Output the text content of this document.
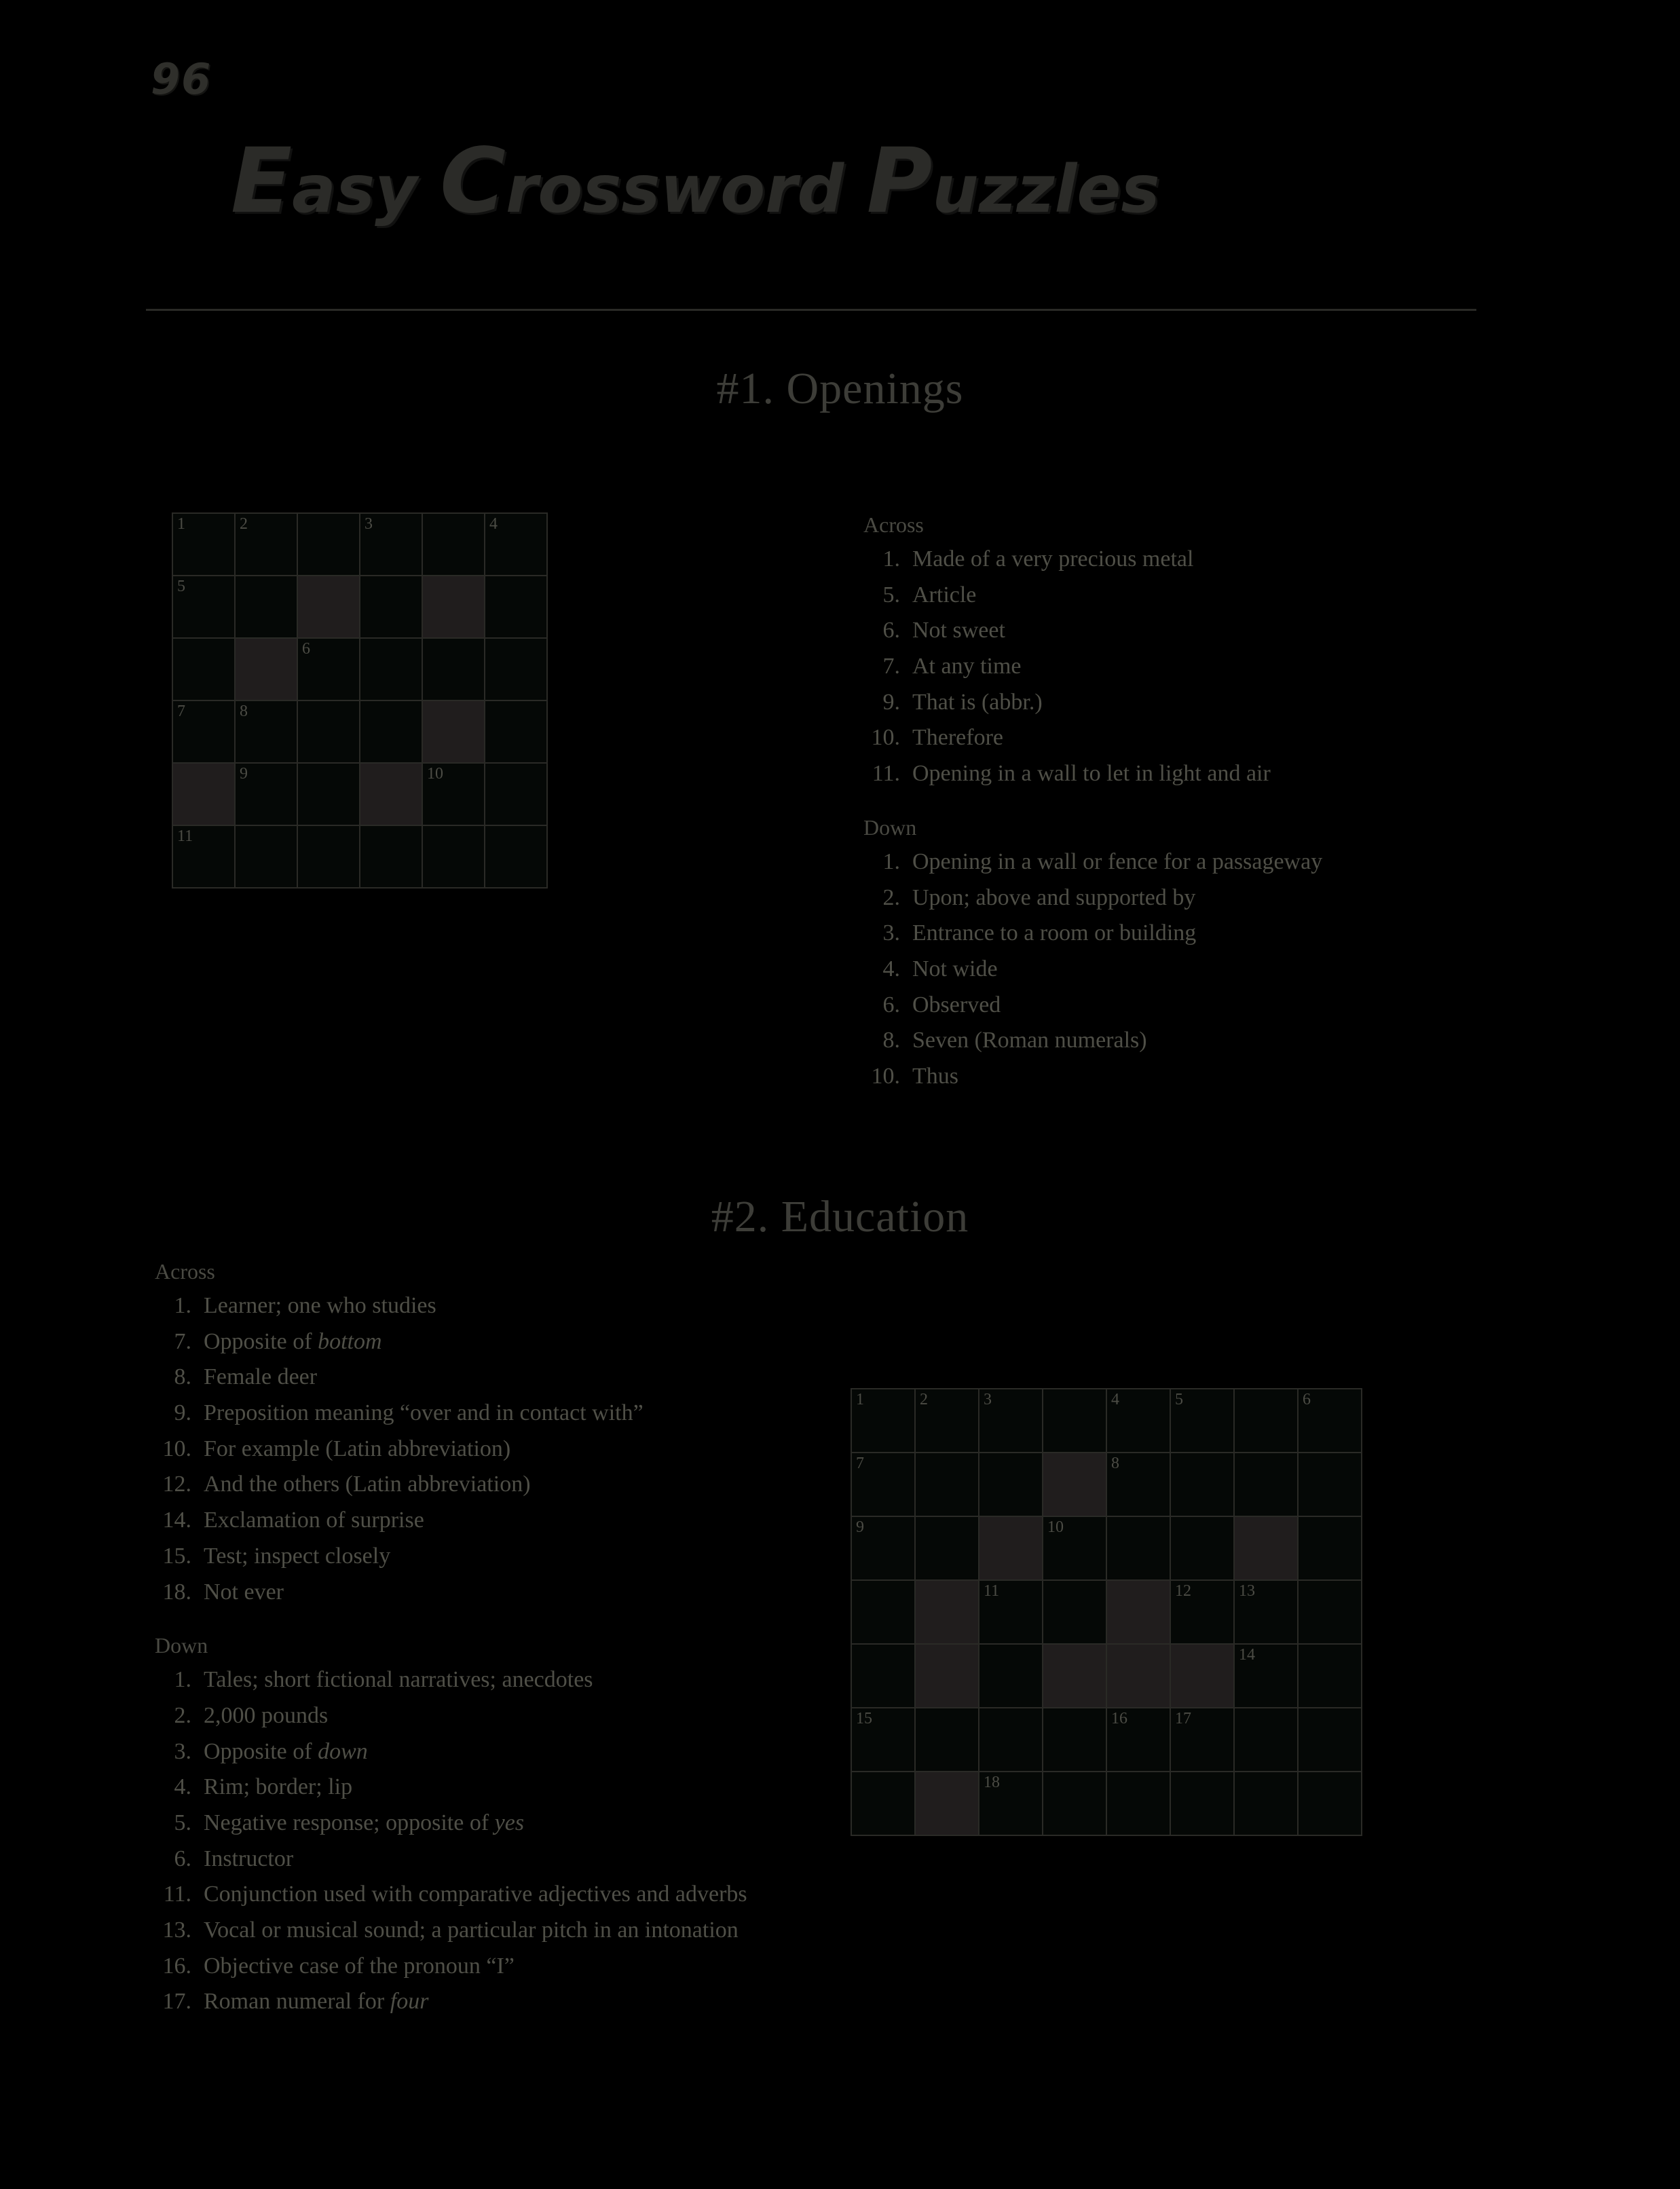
96
Easy Crossword Puzzles
#1. Openings
1	2	3	4
5
6
7	8
9	10
11
Across
1. Made of a very precious metal
5. Article
6. Not sweet
7. At any time
9. That is (abbr.)
10. Therefore
11. Opening in a wall to let in light and air
Down
1. Opening in a wall or fence for a passageway
2. Upon; above and supported by
3. Entrance to a room or building
4. Not wide
6. Observed
8. Seven (Roman numerals)
10. Thus
#2. Education
1	2	3	4	5	6
7	8
9	10
11	12	13
14
15	16	17
18
Across
1. Learner; one who studies
7. Opposite of bottom
8. Female deer
9. Preposition meaning “over and in contact with”
10. For example (Latin abbreviation)
12. And the others (Latin abbreviation)
14. Exclamation of surprise
15. Test; inspect closely
18. Not ever
Down
1. Tales; short fictional narratives; anecdotes
2. 2,000 pounds
3. Opposite of down
4. Rim; border; lip
5. Negative response; opposite of yes
6. Instructor
11. Conjunction used with comparative adjectives and adverbs
13. Vocal or musical sound; a particular pitch in an intonation
16. Objective case of the pronoun “I”
17. Roman numeral for four
